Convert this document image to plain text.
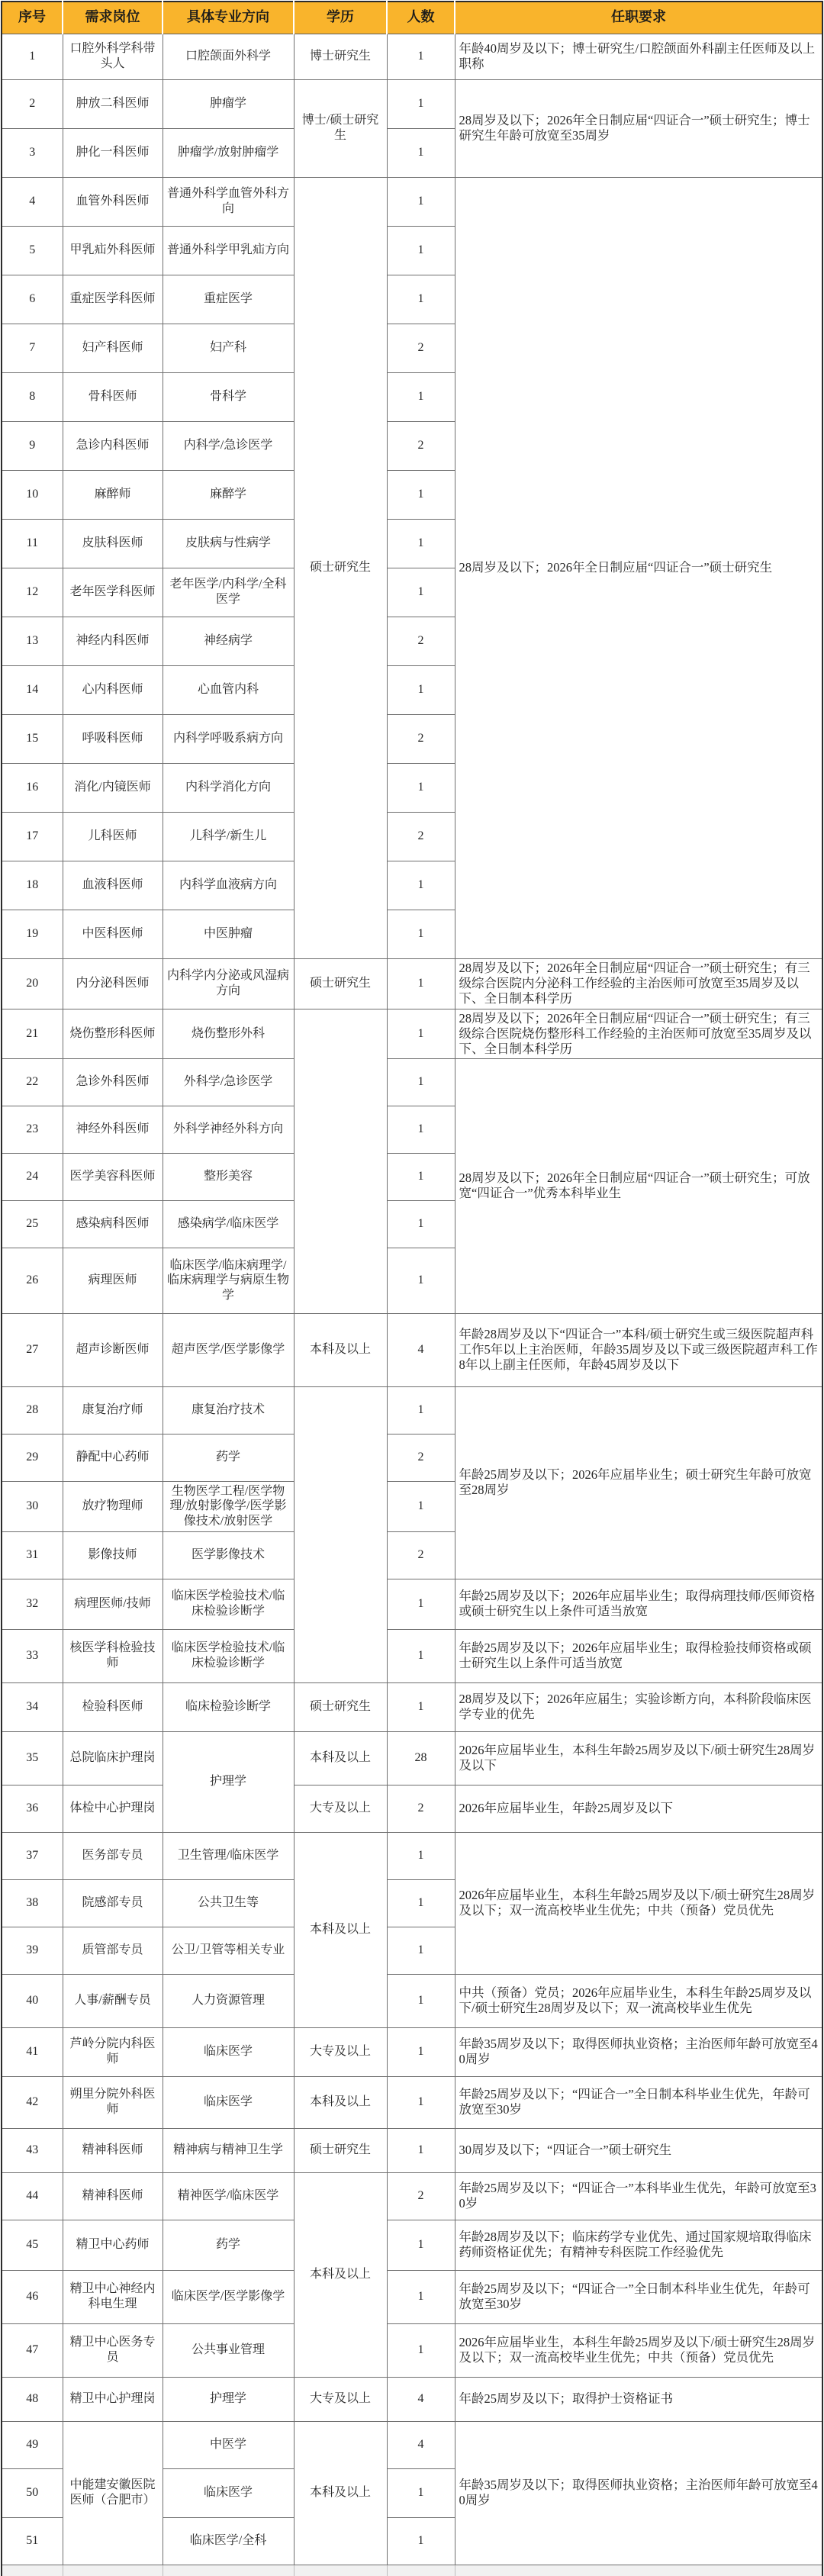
序号	需求岗位	具体专业方向	学历	人数	任职要求
1	口腔外科学科带头人	口腔颌面外科学	博士研究生	1	年龄40周岁及以下；博士研究生/口腔颌面外科副主任医师及以上职称
2	肿放二科医师	肿瘤学	博士/硕士研究生	1	28周岁及以下；2026年全日制应届“四证合一”硕士研究生；博士研究生年龄可放宽至35周岁
3	肿化一科医师	肿瘤学/放射肿瘤学		1	
4	血管外科医师	普通外科学血管外科方向	硕士研究生	1	28周岁及以下；2026年全日制应届“四证合一”硕士研究生
5	甲乳疝外科医师	普通外科学甲乳疝方向		1	
6	重症医学科医师	重症医学		1	
7	妇产科医师	妇产科		2	
8	骨科医师	骨科学		1	
9	急诊内科医师	内科学/急诊医学		2	
10	麻醉师	麻醉学		1	
11	皮肤科医师	皮肤病与性病学		1	
12	老年医学科医师	老年医学/内科学/全科医学		1	
13	神经内科医师	神经病学		2	
14	心内科医师	心血管内科		1	
15	呼吸科医师	内科学呼吸系病方向		2	
16	消化/内镜医师	内科学消化方向		1	
17	儿科医师	儿科学/新生儿		2	
18	血液科医师	内科学血液病方向		1	
19	中医科医师	中医肿瘤		1	
20	内分泌科医师	内科学内分泌或风湿病方向	硕士研究生	1	28周岁及以下；2026年全日制应届“四证合一”硕士研究生；有三级综合医院内分泌科工作经验的主治医师可放宽至35周岁及以下、全日制本科学历
21	烧伤整形科医师	烧伤整形外科		1	28周岁及以下；2026年全日制应届“四证合一”硕士研究生；有三级综合医院烧伤整形科工作经验的主治医师可放宽至35周岁及以下、全日制本科学历
22	急诊外科医师	外科学/急诊医学		1	28周岁及以下；2026年全日制应届“四证合一”硕士研究生；可放宽“四证合一”优秀本科毕业生
23	神经外科医师	外科学神经外科方向		1	
24	医学美容科医师	整形美容		1	
25	感染病科医师	感染病学/临床医学		1	
26	病理医师	临床医学/临床病理学/临床病理学与病原生物学		1	
27	超声诊断医师	超声医学/医学影像学	本科及以上	4	年龄28周岁及以下“四证合一”本科/硕士研究生或三级医院超声科工作5年以上主治医师，年龄35周岁及以下或三级医院超声科工作8年以上副主任医师，年龄45周岁及以下
28	康复治疗师	康复治疗技术		1	年龄25周岁及以下；2026年应届毕业生；硕士研究生年龄可放宽至28周岁
29	静配中心药师	药学		2	
30	放疗物理师	生物医学工程/医学物理/放射影像学/医学影像技术/放射医学		1	
31	影像技师	医学影像技术		2	
32	病理医师/技师	临床医学检验技术/临床检验诊断学		1	年龄25周岁及以下；2026年应届毕业生；取得病理技师/医师资格或硕士研究生以上条件可适当放宽
33	核医学科检验技师	临床医学检验技术/临床检验诊断学		1	年龄25周岁及以下；2026年应届毕业生；取得检验技师资格或硕士研究生以上条件可适当放宽
34	检验科医师	临床检验诊断学	硕士研究生	1	28周岁及以下；2026年应届生；实验诊断方向，本科阶段临床医学专业的优先
35	总院临床护理岗	护理学	本科及以上	28	2026年应届毕业生，本科生年龄25周岁及以下/硕士研究生28周岁及以下
36	体检中心护理岗		大专及以上	2	2026年应届毕业生，年龄25周岁及以下
37	医务部专员	卫生管理/临床医学	本科及以上	1	2026年应届毕业生，本科生年龄25周岁及以下/硕士研究生28周岁及以下；双一流高校毕业生优先；中共（预备）党员优先
38	院感部专员	公共卫生等		1	
39	质管部专员	公卫/卫管等相关专业		1	
40	人事/薪酬专员	人力资源管理		1	中共（预备）党员；2026年应届毕业生，本科生年龄25周岁及以下/硕士研究生28周岁及以下；双一流高校毕业生优先
41	芦岭分院内科医师	临床医学	大专及以上	1	年龄35周岁及以下；取得医师执业资格；主治医师年龄可放宽至40周岁
42	朔里分院外科医师	临床医学	本科及以上	1	年龄25周岁及以下；“四证合一”全日制本科毕业生优先，年龄可放宽至30岁
43	精神科医师	精神病与精神卫生学	硕士研究生	1	30周岁及以下；“四证合一”硕士研究生
44	精神科医师	精神医学/临床医学	本科及以上	2	年龄25周岁及以下；“四证合一”本科毕业生优先，年龄可放宽至30岁
45	精卫中心药师	药学		1	年龄28周岁及以下；临床药学专业优先、通过国家规培取得临床药师资格证优先；有精神专科医院工作经验优先
46	精卫中心神经内科电生理	临床医学/医学影像学		1	年龄25周岁及以下；“四证合一”全日制本科毕业生优先，年龄可放宽至30岁
47	精卫中心医务专员	公共事业管理		1	2026年应届毕业生，本科生年龄25周岁及以下/硕士研究生28周岁及以下；双一流高校毕业生优先；中共（预备）党员优先
48	精卫中心护理岗	护理学	大专及以上	4	年龄25周岁及以下；取得护士资格证书
49	中能建安徽医院医师（合肥市）	中医学	本科及以上	4	年龄35周岁及以下；取得医师执业资格；主治医师年龄可放宽至40周岁
50		临床医学		1	
51		临床医学/全科		1	
